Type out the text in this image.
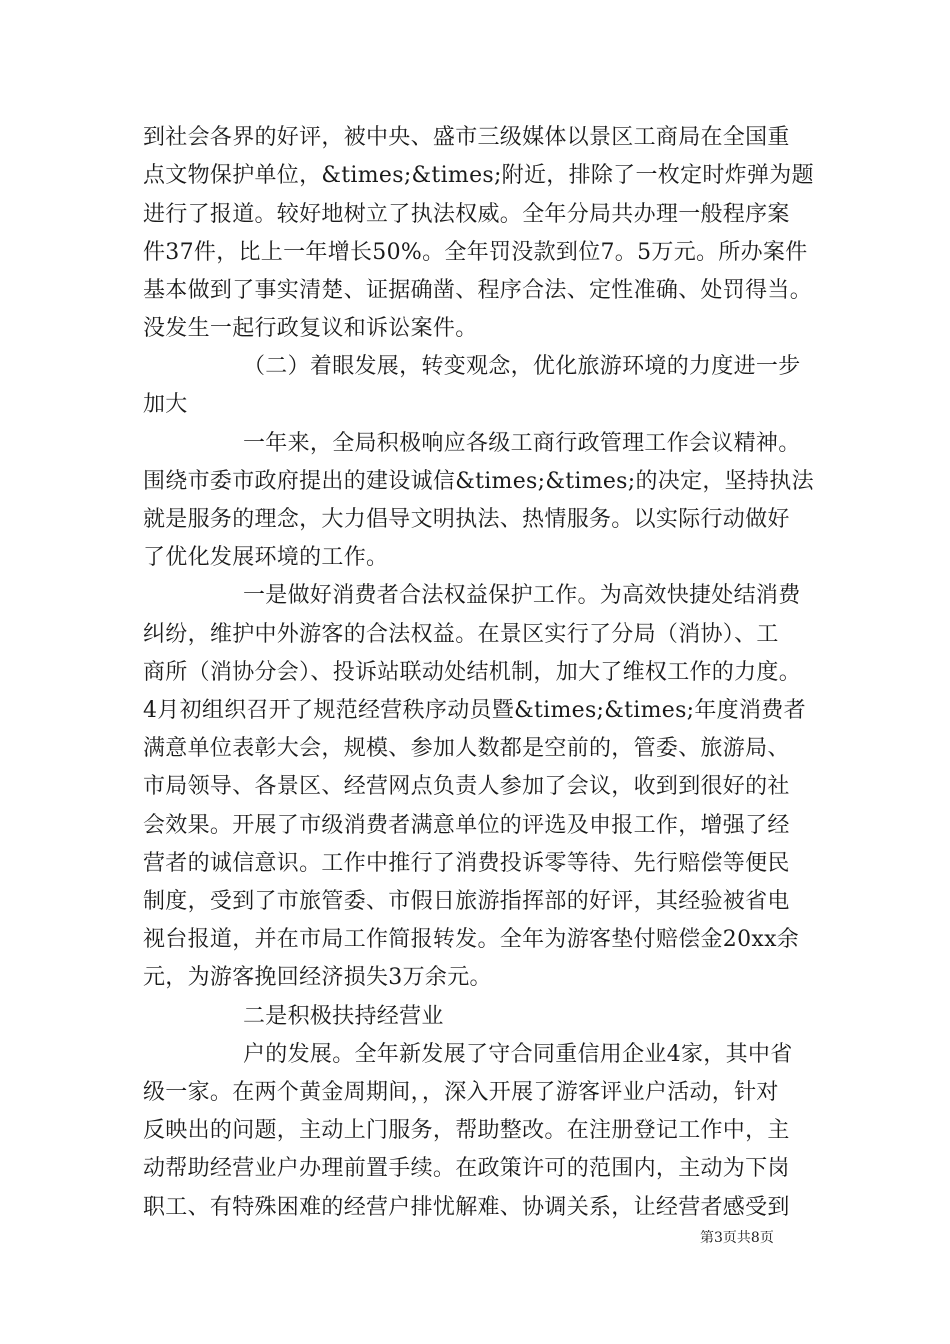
到社会各界的好评，被中央、盛市三级媒体以景区工商局在全国重
点文物保护单位，&times;&times;附近，排除了一枚定时炸弹为题
进行了报道。较好地树立了执法权威。全年分局共办理一般程序案
件37件，比上一年增长50%。全年罚没款到位7。5万元。所办案件
基本做到了事实清楚、证据确凿、程序合法、定性准确、处罚得当。
没发生一起行政复议和诉讼案件。
（二）着眼发展，转变观念，优化旅游环境的力度进一步
加大
一年来，全局积极响应各级工商行政管理工作会议精神。
围绕市委市政府提出的建设诚信&times;&times;的决定，坚持执法
就是服务的理念，大力倡导文明执法、热情服务。以实际行动做好
了优化发展环境的工作。
一是做好消费者合法权益保护工作。为高效快捷处结消费
纠纷，维护中外游客的合法权益。在景区实行了分局（消协）、工
商所（消协分会）、投诉站联动处结机制，加大了维权工作的力度。
4月初组织召开了规范经营秩序动员暨&times;&times;年度消费者
满意单位表彰大会，规模、参加人数都是空前的，管委、旅游局、
市局领导、各景区、经营网点负责人参加了会议，收到到很好的社
会效果。开展了市级消费者满意单位的评选及申报工作，增强了经
营者的诚信意识。工作中推行了消费投诉零等待、先行赔偿等便民
制度，受到了市旅管委、市假日旅游指挥部的好评，其经验被省电
视台报道，并在市局工作简报转发。全年为游客垫付赔偿金20xx余
元，为游客挽回经济损失3万余元。
二是积极扶持经营业
户的发展。全年新发展了守合同重信用企业4家，其中省
级一家。在两个黄金周期间，，深入开展了游客评业户活动，针对
反映出的问题，主动上门服务，帮助整改。在注册登记工作中，主
动帮助经营业户办理前置手续。在政策许可的范围内，主动为下岗
职工、有特殊困难的经营户排忧解难、协调关系，让经营者感受到
第3页共8页
